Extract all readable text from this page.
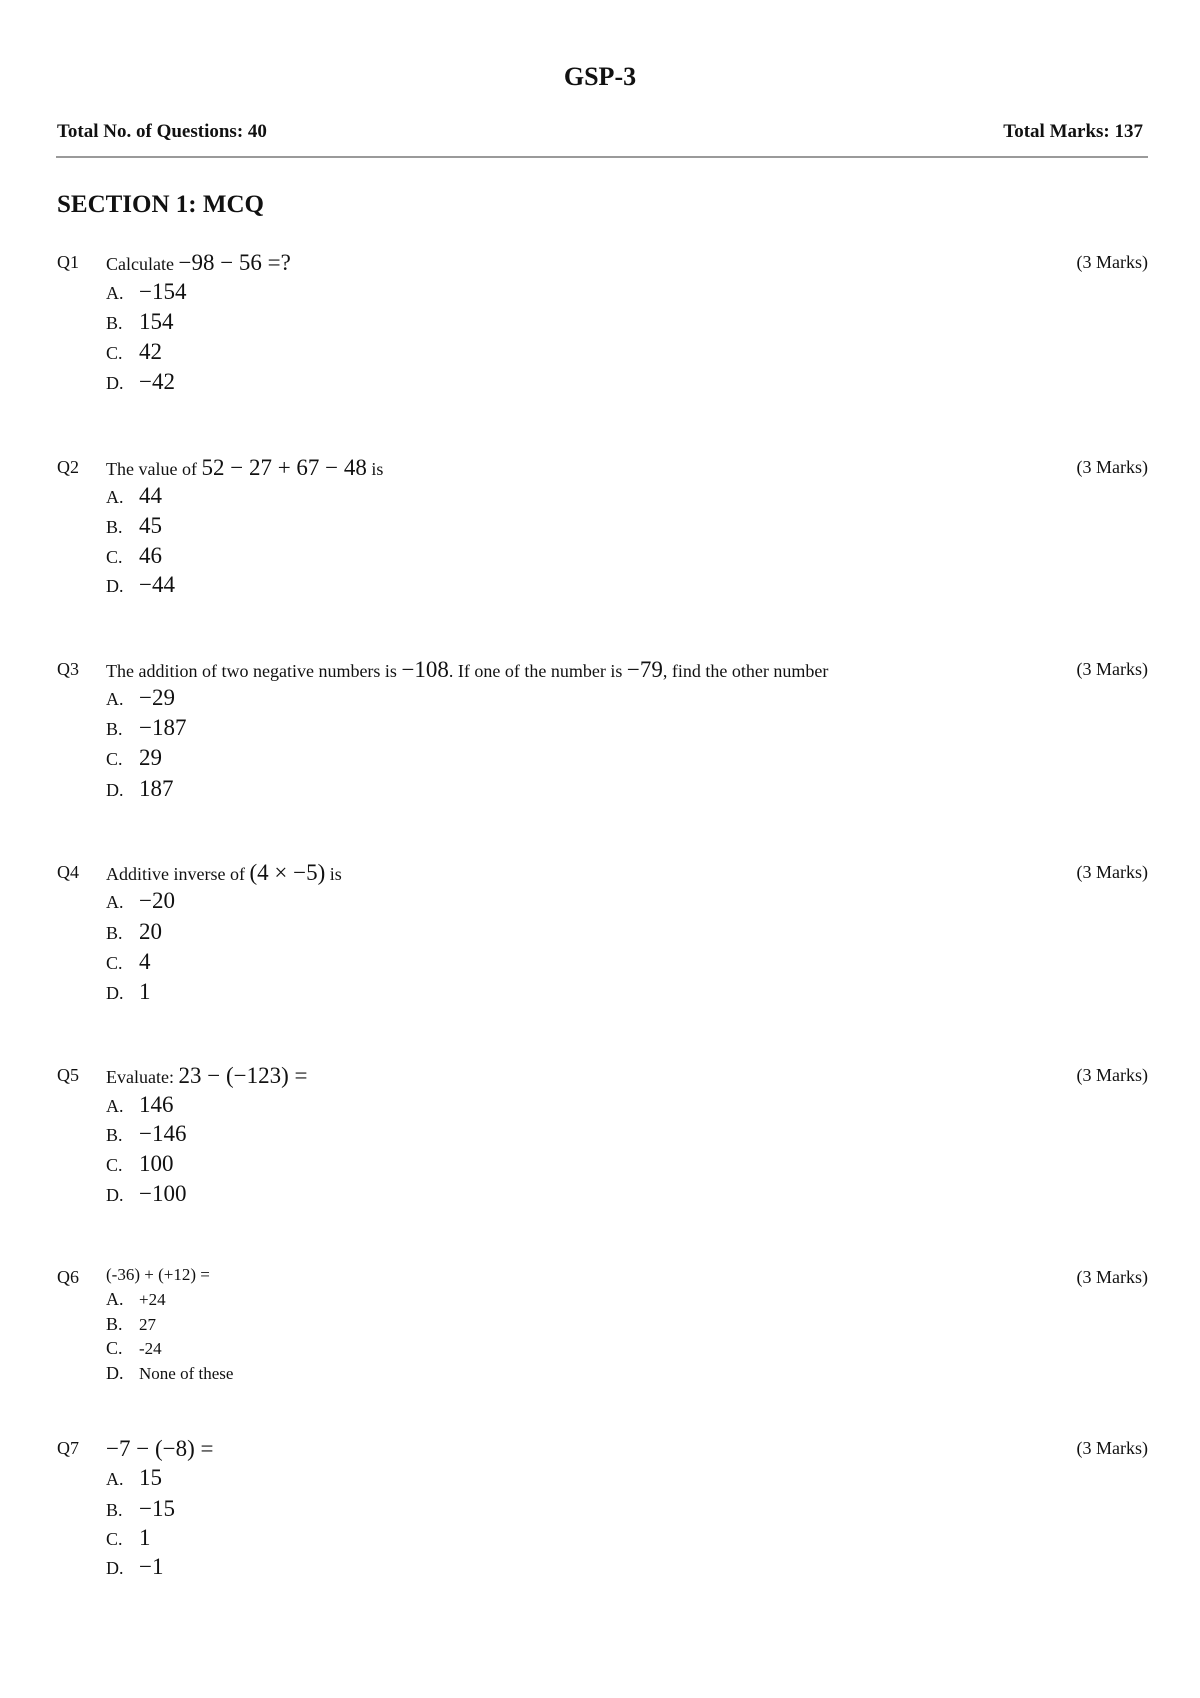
GSP-3
Total No. of Questions: 40	Total Marks: 137
SECTION 1: MCQ
Q1 Calculate −98 − 56 =?	(3 Marks)
A. −154
B. 154
C. 42
D. −42
Q2 The value of 52 − 27 + 67 − 48 is	(3 Marks)
A. 44
B. 45
C. 46
D. −44
Q3 The addition of two negative numbers is −108. If one of the number is −79, find the other number	(3 Marks)
A. −29
B. −187
C. 29
D. 187
Q4 Additive inverse of (4 × −5) is	(3 Marks)
A. −20
B. 20
C. 4
D. 1
Q5 Evaluate: 23 − (−123) =	(3 Marks)
A. 146
B. −146
C. 100
D. −100
Q6 (-36) + (+12) =	(3 Marks)
A. +24
B. 27
C. -24
D. None of these
Q7 −7 − (−8) =	(3 Marks)
A. 15
B. −15
C. 1
D. −1
